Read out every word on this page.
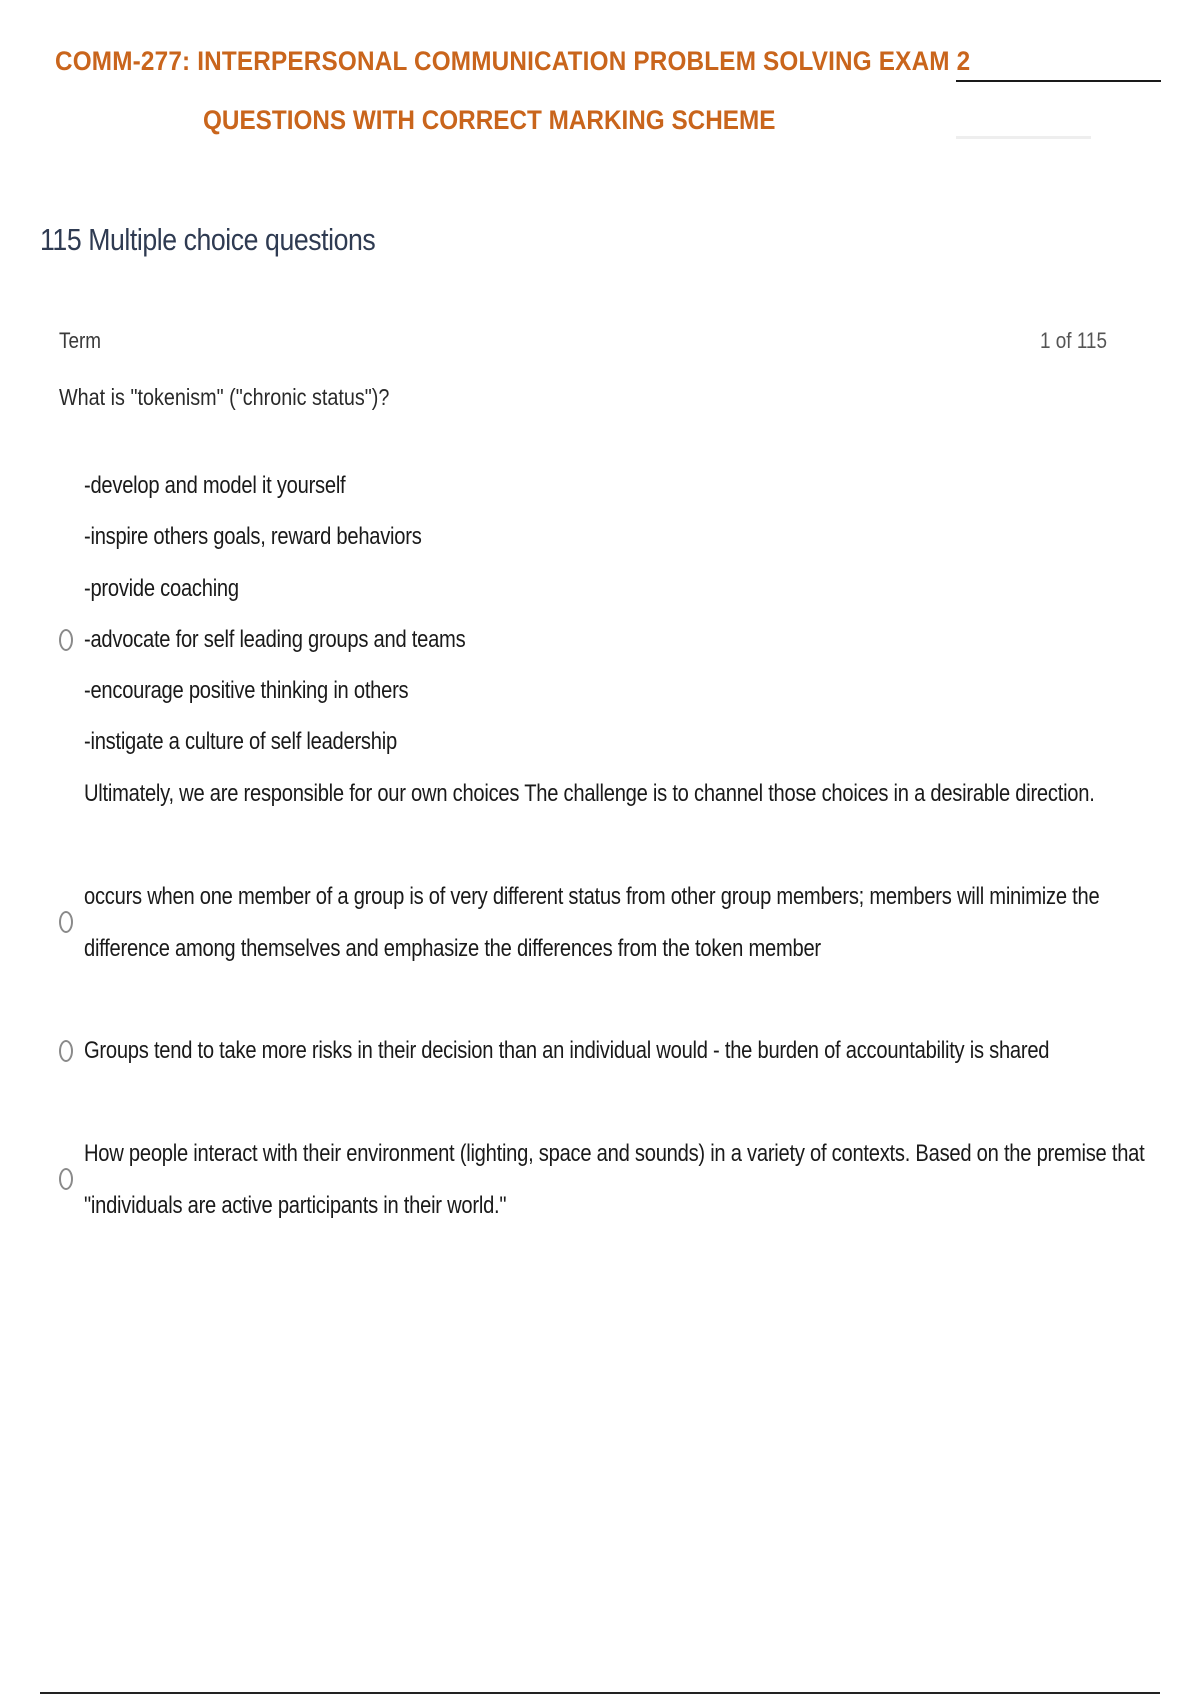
COMM-277: INTERPERSONAL COMMUNICATION PROBLEM SOLVING EXAM 2
QUESTIONS WITH CORRECT MARKING SCHEME
115 Multiple choice questions
Term	1 of 115
What is "tokenism" ("chronic status")?
-develop and model it yourself
-inspire others goals, reward behaviors
-provide coaching
-advocate for self leading groups and teams
-encourage positive thinking in others
-instigate a culture of self leadership
Ultimately, we are responsible for our own choices The challenge is to channel those choices in a desirable direction.
occurs when one member of a group is of very different status from other group members; members will minimize the
difference among themselves and emphasize the differences from the token member
Groups tend to take more risks in their decision than an individual would - the burden of accountability is shared
How people interact with their environment (lighting, space and sounds) in a variety of contexts. Based on the premise that
"individuals are active participants in their world."
